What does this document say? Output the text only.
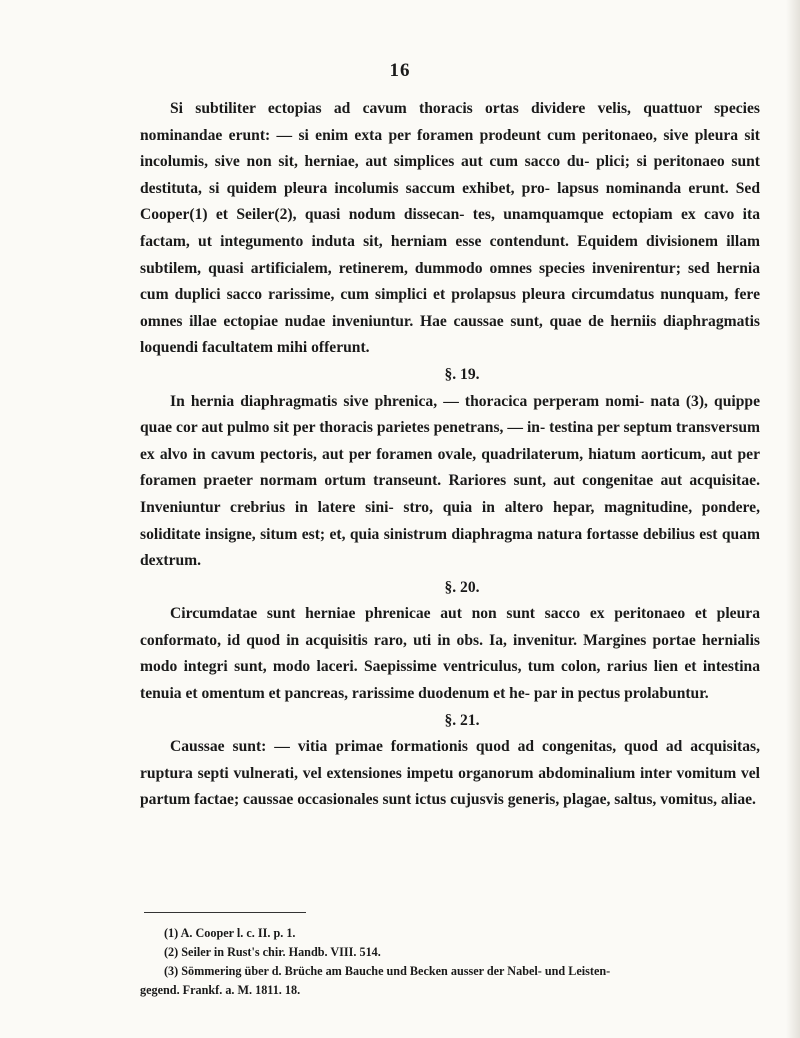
16

Si subtiliter ectopias ad cavum thoracis ortas dividere velis, quattuor species nominandae erunt: — si enim exta per foramen prodeunt cum peritonaeo, sive pleura sit incolumis, sive non sit, herniae, aut simplices aut cum sacco du- plici; si peritonaeo sunt destituta, si quidem pleura incolumis saccum exhibet, pro- lapsus nominanda erunt. Sed Cooper(1) et Seiler(2), quasi nodum dissecan- tes, unamquamque ectopiam ex cavo ita factam, ut integumento induta sit, herniam esse contendunt. Equidem divisionem illam subtilem, quasi artificialem, retinerem, dummodo omnes species invenirentur; sed hernia cum duplici sacco rarissime, cum simplici et prolapsus pleura circumdatus nunquam, fere omnes illae ectopiae nudae inveniuntur. Hae caussae sunt, quae de herniis diaphragmatis loquendi facultatem mihi offerunt.

§. 19.

In hernia diaphragmatis sive phrenica, — thoracica perperam nomi- nata (3), quippe quae cor aut pulmo sit per thoracis parietes penetrans, — in- testina per septum transversum ex alvo in cavum pectoris, aut per foramen ovale, quadrilaterum, hiatum aorticum, aut per foramen praeter normam ortum transeunt. Rariores sunt, aut congenitae aut acquisitae. Inveniuntur crebrius in latere sini- stro, quia in altero hepar, magnitudine, pondere, soliditate insigne, situm est; et, quia sinistrum diaphragma natura fortasse debilius est quam dextrum.

§. 20.

Circumdatae sunt herniae phrenicae aut non sunt sacco ex peritonaeo et pleura conformato, id quod in acquisitis raro, uti in obs. Ia, invenitur. Margines portae hernialis modo integri sunt, modo laceri. Saepissime ventriculus, tum colon, rarius lien et intestina tenuia et omentum et pancreas, rarissime duodenum et he- par in pectus prolabuntur.

§. 21.

Caussae sunt: — vitia primae formationis quod ad congenitas, quod ad acquisitas, ruptura septi vulnerati, vel extensiones impetu organorum abdominalium inter vomitum vel partum factae; caussae occasionales sunt ictus cujusvis generis, plagae, saltus, vomitus, aliae.

(1) A. Cooper l. c. II. p. 1.
(2) Seiler in Rust's chir. Handb. VIII. 514.
(3) Sömmering über d. Brüche am Bauche und Becken ausser der Nabel- und Leisten-
gegend. Frankf. a. M. 1811. 18.
